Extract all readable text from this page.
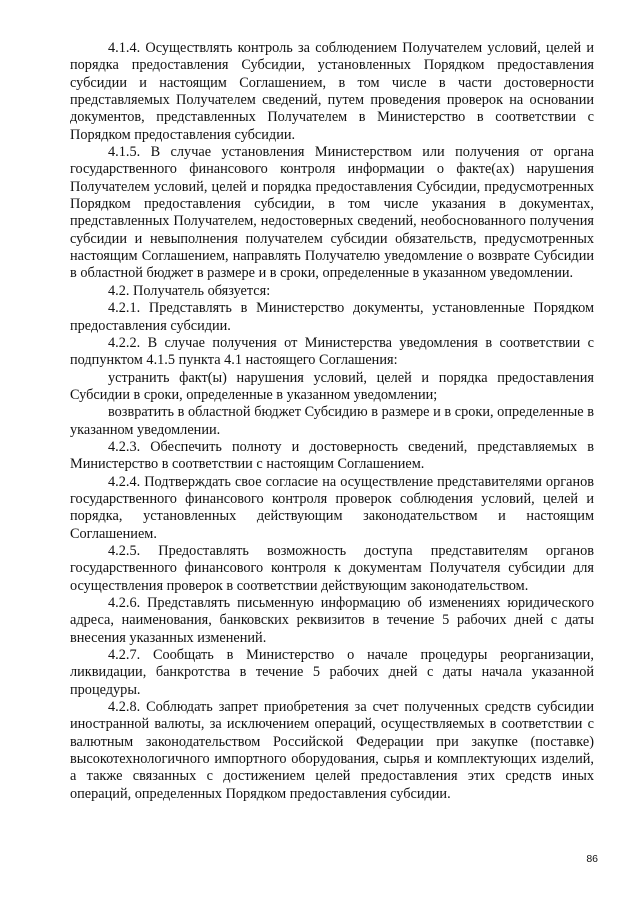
4.1.4. Осуществлять контроль за соблюдением Получателем условий, целей и порядка предоставления Субсидии, установленных Порядком предоставления субсидии и настоящим Соглашением, в том числе в части достоверности представляемых Получателем сведений, путем проведения проверок на основании документов, представленных Получателем в Министерство в соответствии с Порядком предоставления субсидии.

4.1.5. В случае установления Министерством или получения от органа государственного финансового контроля информации о факте(ах) нарушения Получателем условий, целей и порядка предоставления Субсидии, предусмотренных Порядком предоставления субсидии, в том числе указания в документах, представленных Получателем, недостоверных сведений, необоснованного получения субсидии и невыполнения получателем субсидии обязательств, предусмотренных настоящим Соглашением, направлять Получателю уведомление о возврате Субсидии в областной бюджет в размере и в сроки, определенные в указанном уведомлении.

4.2. Получатель обязуется:

4.2.1. Представлять в Министерство документы, установленные Порядком предоставления субсидии.

4.2.2. В случае получения от Министерства уведомления в соответствии с подпунктом 4.1.5 пункта 4.1 настоящего Соглашения:

устранить факт(ы) нарушения условий, целей и порядка предоставления Субсидии в сроки, определенные в указанном уведомлении;

возвратить в областной бюджет Субсидию в размере и в сроки, определенные в указанном уведомлении.

4.2.3. Обеспечить полноту и достоверность сведений, представляемых в Министерство в соответствии с настоящим Соглашением.

4.2.4. Подтверждать свое согласие на осуществление представителями органов государственного финансового контроля проверок соблюдения условий, целей и порядка, установленных действующим законодательством и настоящим Соглашением.

4.2.5. Предоставлять возможность доступа представителям органов государственного финансового контроля к документам Получателя субсидии для осуществления проверок в соответствии действующим законодательством.

4.2.6. Представлять письменную информацию об изменениях юридического адреса, наименования, банковских реквизитов в течение 5 рабочих дней с даты внесения указанных изменений.

4.2.7. Сообщать в Министерство о начале процедуры реорганизации, ликвидации, банкротства в течение 5 рабочих дней с даты начала указанной процедуры.

4.2.8. Соблюдать запрет приобретения за счет полученных средств субсидии иностранной валюты, за исключением операций, осуществляемых в соответствии с валютным законодательством Российской Федерации при закупке (поставке) высокотехнологичного импортного оборудования, сырья и комплектующих изделий, а также связанных с достижением целей предоставления этих средств иных операций, определенных Порядком предоставления субсидии.

86
